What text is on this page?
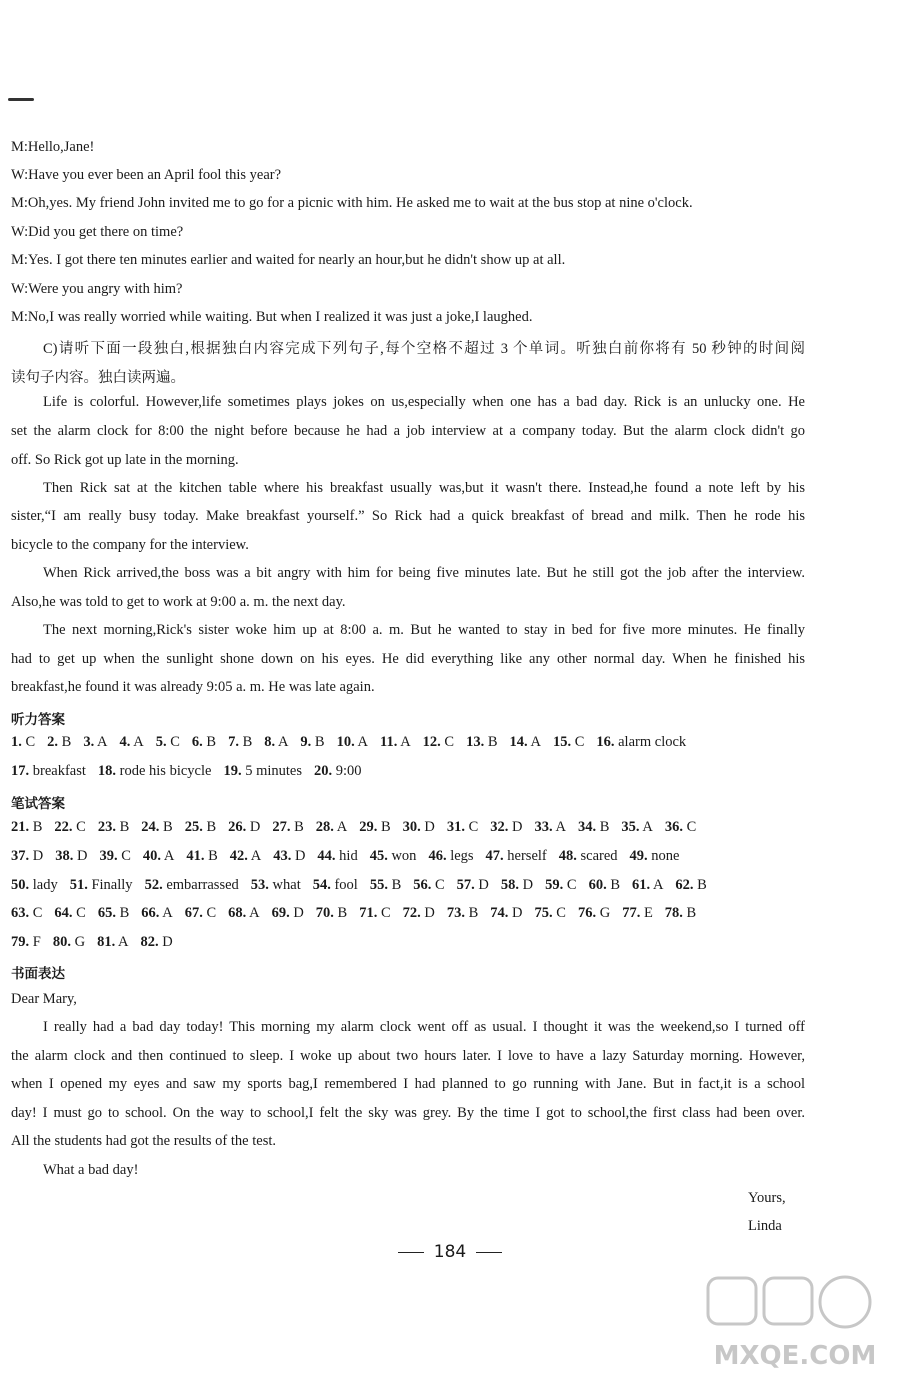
M:Hello,Jane!
W:Have you ever been an April fool this year?
M:Oh,yes. My friend John invited me to go for a picnic with him. He asked me to wait at the bus stop at nine o'clock.
W:Did you get there on time?
M:Yes. I got there ten minutes earlier and waited for nearly an hour,but he didn't show up at all.
W:Were you angry with him?
M:No,I was really worried while waiting. But when I realized it was just a joke,I laughed.
C)请听下面一段独白,根据独白内容完成下列句子,每个空格不超过 3 个单词。听独白前你将有 50 秒钟的时间阅
读句子内容。独白读两遍。
Life is colorful. However,life sometimes plays jokes on us,especially when one has a bad day. Rick is an unlucky one. He
set the alarm clock for 8:00 the night before because he had a job interview at a company today. But the alarm clock didn't go
off. So Rick got up late in the morning.
Then Rick sat at the kitchen table where his breakfast usually was,but it wasn't there. Instead,he found a note left by his
sister,“I am really busy today. Make breakfast yourself.” So Rick had a quick breakfast of bread and milk. Then he rode his
bicycle to the company for the interview.
When Rick arrived,the boss was a bit angry with him for being five minutes late. But he still got the job after the interview.
Also,he was told to get to work at 9:00 a. m. the next day.
The next morning,Rick's sister woke him up at 8:00 a. m. But he wanted to stay in bed for five more minutes. He finally
had to get up when the sunlight shone down on his eyes. He did everything like any other normal day. When he finished his
breakfast,he found it was already 9:05 a. m. He was late again.
听力答案
1. C 2. B 3. A 4. A 5. C 6. B 7. B 8. A 9. B 10. A 11. A 12. C 13. B 14. A 15. C 16. alarm clock
17. breakfast 18. rode his bicycle 19. 5 minutes 20. 9:00
笔试答案
21. B 22. C 23. B 24. B 25. B 26. D 27. B 28. A 29. B 30. D 31. C 32. D 33. A 34. B 35. A 36. C
37. D 38. D 39. C 40. A 41. B 42. A 43. D 44. hid 45. won 46. legs 47. herself 48. scared 49. none
50. lady 51. Finally 52. embarrassed 53. what 54. fool 55. B 56. C 57. D 58. D 59. C 60. B 61. A 62. B
63. C 64. C 65. B 66. A 67. C 68. A 69. D 70. B 71. C 72. D 73. B 74. D 75. C 76. G 77. E 78. B
79. F 80. G 81. A 82. D
书面表达
Dear Mary,
I really had a bad day today! This morning my alarm clock went off as usual. I thought it was the weekend,so I turned off
the alarm clock and then continued to sleep. I woke up about two hours later. I love to have a lazy Saturday morning. However,
when I opened my eyes and saw my sports bag,I remembered I had planned to go running with Jane. But in fact,it is a school
day! I must go to school. On the way to school,I felt the sky was grey. By the time I got to school,the first class had been over.
All the students had got the results of the test.
What a bad day!
Yours,
Linda
184
MXQE.COM
